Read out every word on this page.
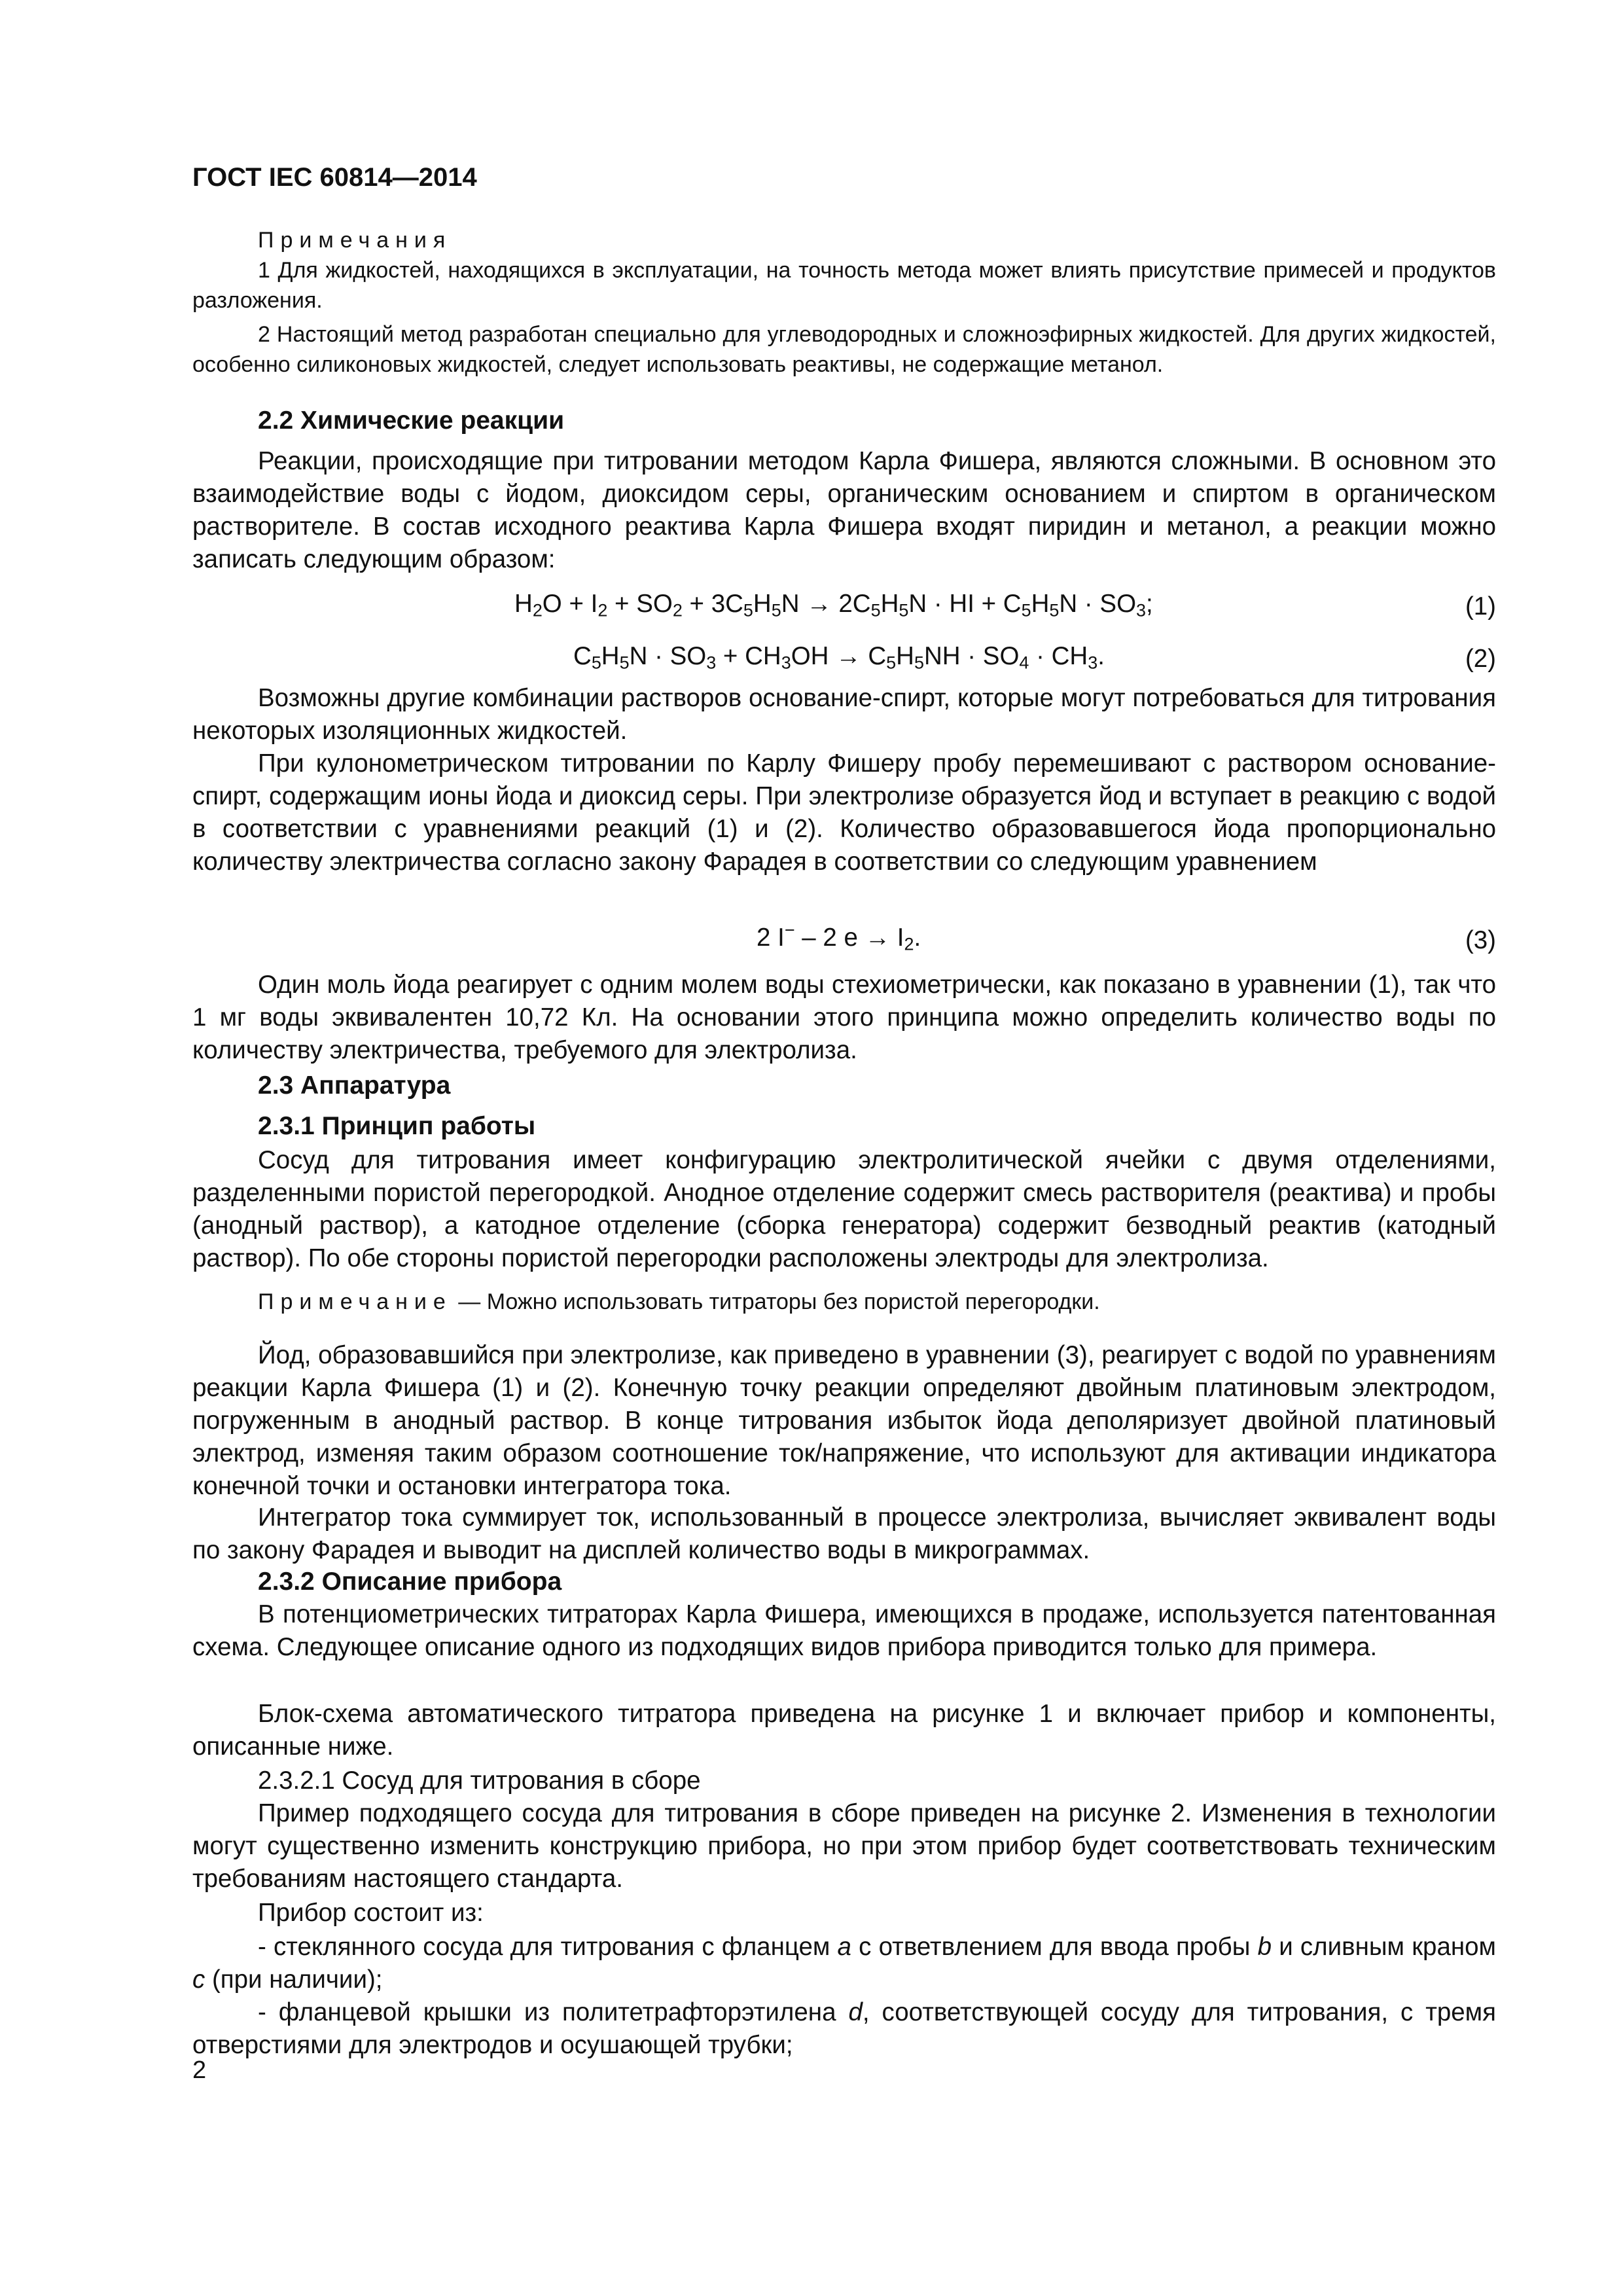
ГОСТ IEC 60814—2014

Примечания

1 Для жидкостей, находящихся в эксплуатации, на точность метода может влиять присутствие примесей и продуктов разложения.

2 Настоящий метод разработан специально для углеводородных и сложноэфирных жидкостей. Для других жидкостей, особенно силиконовых жидкостей, следует использовать реактивы, не содержащие метанол.

2.2 Химические реакции

Реакции, происходящие при титровании методом Карла Фишера, являются сложными. В основном это взаимодействие воды с йодом, диоксидом серы, органическим основанием и спиртом в органическом растворителе. В состав исходного реактива Карла Фишера входят пиридин и метанол, а реакции можно записать следующим образом:

$H_2O + I_2 + SO_2 + 3C_5H_5N \to 2C_5H_5N$ · HI + $C_5H_5N \cdot SO_3$;	(1)
$C_5H_5N \cdot SO_3 + CH_3OH \to C_5H_5NH \cdot SO_4 \cdot CH_3$.	(2)

Возможны другие комбинации растворов основание-спирт, которые могут потребоваться для титрования некоторых изоляционных жидкостей.

При кулонометрическом титровании по Карлу Фишеру пробу перемешивают с раствором основание-спирт, содержащим ионы йода и диоксид серы. При электролизе образуется йод и вступает в реакцию с водой в соответствии с уравнениями реакций (1) и (2). Количество образовавшегося йода пропорционально количеству электричества согласно закону Фарадея в соответствии со следующим уравнением

2 I− – 2 $e \to I_2$.	(3)

Один моль йода реагирует с одним молем воды стехиометрически, как показано в уравнении (1), так что 1 мг воды эквивалентен 10,72 Кл. На основании этого принципа можно определить количество воды по количеству электричества, требуемого для электролиза.

2.3 Аппаратура
2.3.1 Принцип работы

Сосуд для титрования имеет конфигурацию электролитической ячейки с двумя отделениями, разделенными пористой перегородкой. Анодное отделение содержит смесь растворителя (реактива) и пробы (анодный раствор), а катодное отделение (сборка генератора) содержит безводный реактив (катодный раствор). По обе стороны пористой перегородки расположены электроды для электролиза.

Примечание — Можно использовать титраторы без пористой перегородки.

Йод, образовавшийся при электролизе, как приведено в уравнении (3), реагирует с водой по уравнениям реакции Карла Фишера (1) и (2). Конечную точку реакции определяют двойным платиновым электродом, погруженным в анодный раствор. В конце титрования избыток йода деполяризует двойной платиновый электрод, изменяя таким образом соотношение ток/напряжение, что используют для активации индикатора конечной точки и остановки интегратора тока.

Интегратор тока суммирует ток, использованный в процессе электролиза, вычисляет эквивалент воды по закону Фарадея и выводит на дисплей количество воды в микрограммах.

2.3.2 Описание прибора

В потенциометрических титраторах Карла Фишера, имеющихся в продаже, используется патентованная схема. Следующее описание одного из подходящих видов прибора приводится только для примера.

Блок-схема автоматического титратора приведена на рисунке 1 и включает прибор и компоненты, описанные ниже.

2.3.2.1 Сосуд для титрования в сборе

Пример подходящего сосуда для титрования в сборе приведен на рисунке 2. Изменения в технологии могут существенно изменить конструкцию прибора, но при этом прибор будет соответствовать техническим требованиям настоящего стандарта.

Прибор состоит из:

- стеклянного сосуда для титрования с фланцем a с ответвлением для ввода пробы b и сливным краном c (при наличии);

- фланцевой крышки из политетрафторэтилена d, соответствующей сосуду для титрования, с тремя отверстиями для электродов и осушающей трубки;

2
